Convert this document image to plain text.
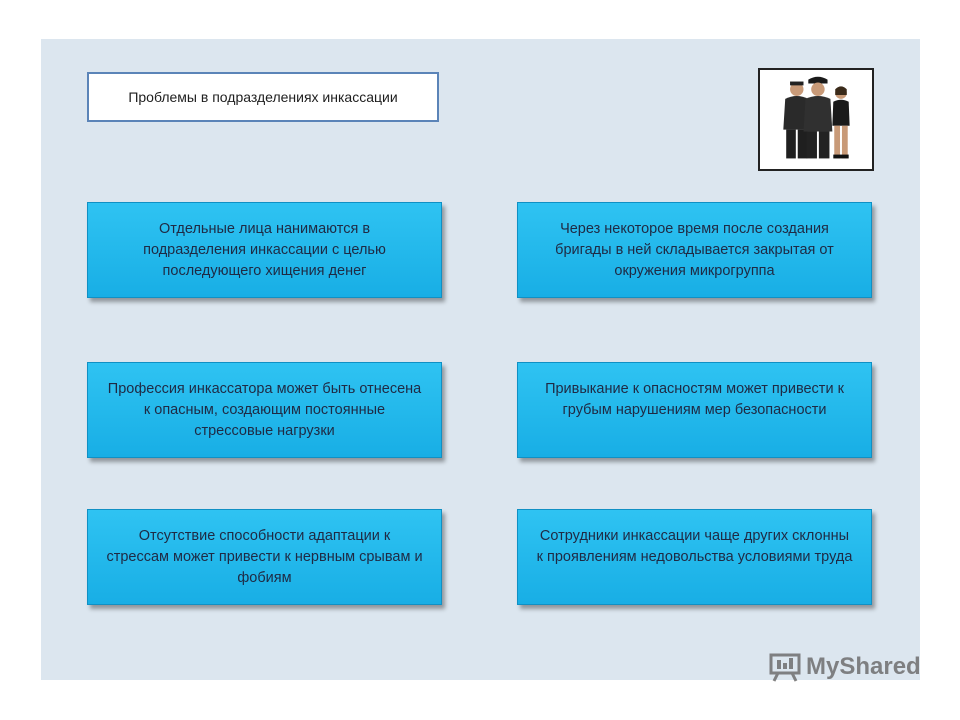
Проблемы в подразделениях инкассации
Отдельные лица нанимаются в подразделения инкассации с целью последующего хищения денег
Через некоторое время после создания бригады в ней складывается закрытая от окружения микрогруппа
Профессия инкассатора может быть отнесена к опасным, создающим постоянные стрессовые нагрузки
Привыкание к опасностям может привести к грубым нарушениям мер безопасности
Отсутствие способности адаптации к стрессам может привести к нервным срывам и фобиям
Сотрудники инкассации чаще других склонны к проявлениям недовольства условиями труда
MyShared
